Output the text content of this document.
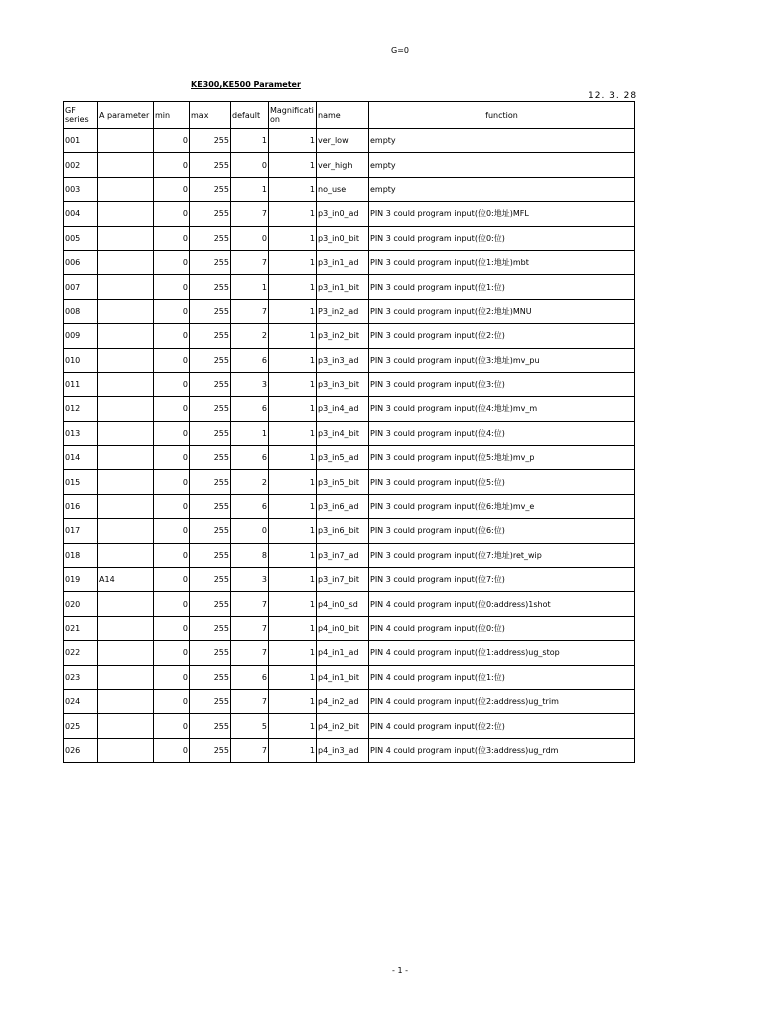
G=0
KE300,KE500 Parameter
12. 3. 28
GF series	A parameter	min	max	default	Magnification	name	function
001		0	255	1	1	ver_low	empty
002		0	255	0	1	ver_high	empty
003		0	255	1	1	no_use	empty
004		0	255	7	1	p3_in0_ad	PIN 3 could program input(位0:地址)MFL
005		0	255	0	1	p3_in0_bit	PIN 3 could program input(位0:位)
006		0	255	7	1	p3_in1_ad	PIN 3 could program input(位1:地址)mbt
007		0	255	1	1	p3_in1_bit	PIN 3 could program input(位1:位)
008		0	255	7	1	P3_in2_ad	PIN 3 could program input(位2:地址)MNU
009		0	255	2	1	p3_in2_bit	PIN 3 could program input(位2:位)
010		0	255	6	1	p3_in3_ad	PIN 3 could program input(位3:地址)mv_pu
011		0	255	3	1	p3_in3_bit	PIN 3 could program input(位3:位)
012		0	255	6	1	p3_in4_ad	PIN 3 could program input(位4:地址)mv_m
013		0	255	1	1	p3_in4_bit	PIN 3 could program input(位4:位)
014		0	255	6	1	p3_in5_ad	PIN 3 could program input(位5:地址)mv_p
015		0	255	2	1	p3_in5_bit	PIN 3 could program input(位5:位)
016		0	255	6	1	p3_in6_ad	PIN 3 could program input(位6:地址)mv_e
017		0	255	0	1	p3_in6_bit	PIN 3 could program input(位6:位)
018		0	255	8	1	p3_in7_ad	PIN 3 could program input(位7:地址)ret_wip
019	A14	0	255	3	1	p3_in7_bit	PIN 3 could program input(位7:位)
020		0	255	7	1	p4_in0_sd	PIN 4 could program input(位0:address)1shot
021		0	255	7	1	p4_in0_bit	PIN 4 could program input(位0:位)
022		0	255	7	1	p4_in1_ad	PIN 4 could program input(位1:address)ug_stop
023		0	255	6	1	p4_in1_bit	PIN 4 could program input(位1:位)
024		0	255	7	1	p4_in2_ad	PIN 4 could program input(位2:address)ug_trim
025		0	255	5	1	p4_in2_bit	PIN 4 could program input(位2:位)
026		0	255	7	1	p4_in3_ad	PIN 4 could program input(位3:address)ug_rdm
- 1 -
